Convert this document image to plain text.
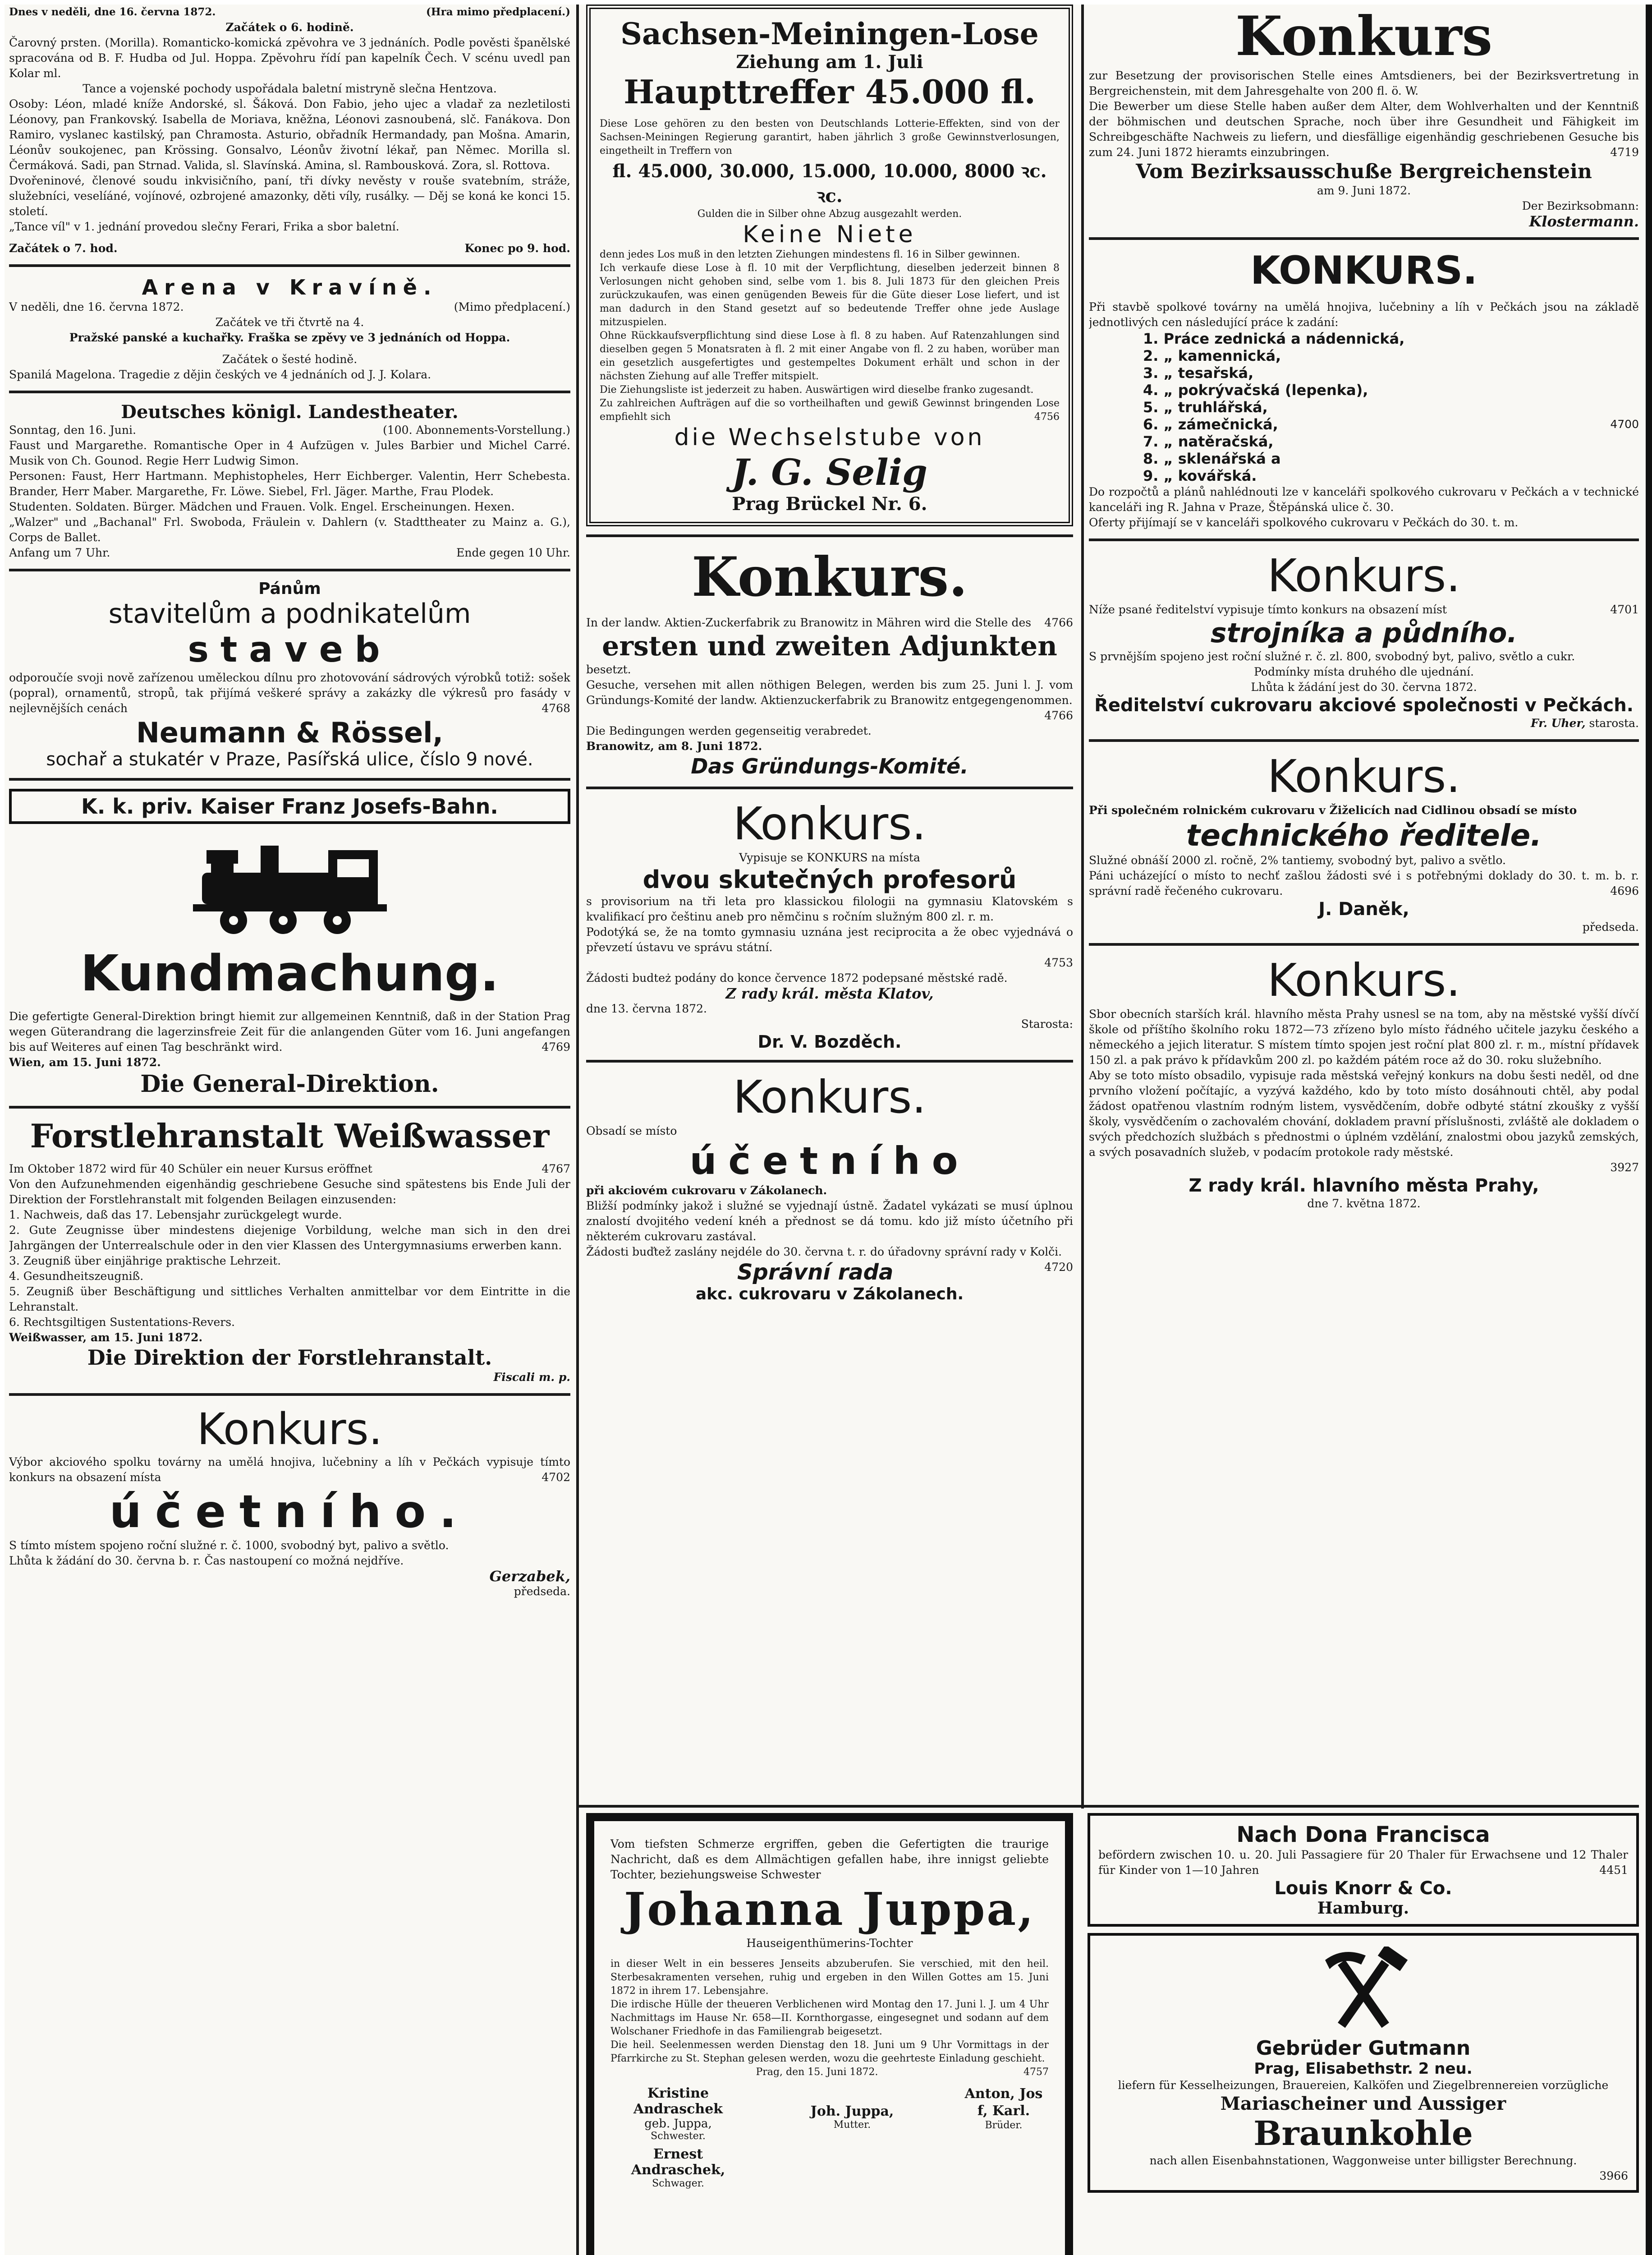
Dnes v neděli, dne 16. června 1872.	(Hra mimo předplacení.)

Začátek o 6. hodině.

Čarovný prsten. (Morilla). Romanticko-komická zpěvohra ve 3 jednáních. Podle pověsti španělské spracována od B. F. Hudba od Jul. Hoppa. Zpěvohru řídí pan kapelník Čech. V scénu uvedl pan Kolar ml.

Tance a vojenské pochody uspořádala baletní mistryně slečna Hentzova.

Osoby: Léon, mladé kníže Andorské, sl. Šáková. Don Fabio, jeho ujec a vladař za nezletilosti Léonovy, pan Frankovský. Isabella de Moriava, kněžna, Léonovi zasnoubená, slč. Fanákova. Don Ramiro, vyslanec kastilský, pan Chramosta. Asturio, obřadník Hermandady, pan Mošna. Amarin, Léonův soukojenec, pan Krössing. Gonsalvo, Léonův životní lékař, pan Němec. Morilla sl. Čermáková. Sadi, pan Strnad. Valida, sl. Slavínská. Amina, sl. Rambousková. Zora, sl. Rottova.

Dvořeninové, členové soudu inkvisičního, paní, tři dívky nevěsty v rouše svatebním, stráže, služebníci, veselíáné, vojínové, ozbrojené amazonky, děti víly, rusálky. — Děj se koná ke konci 15. století.

„Tance víl" v 1. jednání provedou slečny Ferari, Frika a sbor baletní.

Začátek o 7. hod.	Konec po 9. hod.

Arena v Kravíně.

V neděli, dne 16. června 1872.	(Mimo předplacení.)

Začátek ve tři čtvrtě na 4.

Pražské panské a kuchařky. Fraška se zpěvy ve 3 jednáních od Hoppa.

Začátek o šesté hodině.

Spanilá Magelona. Tragedie z dějin českých ve 4 jednáních od J. J. Kolara.

Deutsches königl. Landestheater.

Sonntag, den 16. Juni.	(100. Abonnements-Vorstellung.)

Faust und Margarethe. Romantische Oper in 4 Aufzügen v. Jules Barbier und Michel Carré. Musik von Ch. Gounod. Regie Herr Ludwig Simon.

Personen: Faust, Herr Hartmann. Mephistopheles, Herr Eichberger. Valentin, Herr Schebesta. Brander, Herr Maber. Margarethe, Fr. Löwe. Siebel, Frl. Jäger. Marthe, Frau Plodek.

Studenten. Soldaten. Bürger. Mädchen und Frauen. Volk. Engel. Erscheinungen. Hexen.

„Walzer" und „Bachanal" Frl. Swoboda, Fräulein v. Dahlern (v. Stadttheater zu Mainz a. G.), Corps de Ballet.

Anfang um 7 Uhr.	Ende gegen 10 Uhr.

Pánům

stavitelům a podnikatelům

staveb

odporoučíe svoji nově zařízenou uměleckou dílnu pro zhotovování sádrových výrobků totiž: sošek (popral), ornamentů, stropů, tak přijímá veškeré správy a zakázky dle výkresů pro fasády v nejlevnějších cenách	4768

Neumann & Rössel,

sochař a stukatér v Praze, Pasířská ulice, číslo 9 nové.

K. k. priv. Kaiser Franz Josefs-Bahn.

Kundmachung.

Die gefertigte General-Direktion bringt hiemit zur allgemeinen Kenntniß, daß in der Station Prag wegen Güterandrang die lagerzinsfreie Zeit für die anlangenden Güter vom 16. Juni angefangen bis auf Weiteres auf einen Tag beschränkt wird.	4769

Wien, am 15. Juni 1872.

Die General-Direktion.

Forstlehranstalt Weißwasser

Im Oktober 1872 wird für 40 Schüler ein neuer Kursus eröffnet	4767

Von den Aufzunehmenden eigenhändig geschriebene Gesuche sind spätestens bis Ende Juli der Direktion der Forstlehranstalt mit folgenden Beilagen einzusenden:

1. Nachweis, daß das 17. Lebensjahr zurückgelegt wurde.

2. Gute Zeugnisse über mindestens diejenige Vorbildung, welche man sich in den drei Jahrgängen der Unterrealschule oder in den vier Klassen des Untergymnasiums erwerben kann.

3. Zeugniß über einjährige praktische Lehrzeit.

4. Gesundheitszeugniß.

5. Zeugniß über Beschäftigung und sittliches Verhalten anmittelbar vor dem Eintritte in die Lehranstalt.

6. Rechtsgiltigen Sustentations-Revers.

Weißwasser, am 15. Juni 1872.

Die Direktion der Forstlehranstalt.

Fiscali m. p.

Konkurs.

Výbor akciového spolku továrny na umělá hnojiva, lučebniny a líh v Pečkách vypisuje tímto konkurs na obsazení místa	4702

účetního.

S tímto místem spojeno roční služné r. č. 1000, svobodný byt, palivo a světlo.

Lhůta k žádání do 30. června b. r. Čas nastoupení co možná nejdříve.

Gerzabek,

předseda.

Sachsen-Meiningen-Lose

Ziehung am 1. Juli

Haupttreffer 45.000 fl.

Diese Lose gehören zu den besten von Deutschlands Lotterie-Effekten, sind von der Sachsen-Meiningen Regierung garantirt, haben jährlich 3 große Gewinnstverlosungen, eingetheilt in Treffern von

fl. 45.000, 30.000, 15.000, 10.000, 8000 ꝛc. ꝛc.

Gulden die in Silber ohne Abzug ausgezahlt werden.

Keine Niete

denn jedes Los muß in den letzten Ziehungen mindestens fl. 16 in Silber gewinnen.

Ich verkaufe diese Lose à fl. 10 mit der Verpflichtung, dieselben jederzeit binnen 8 Verlosungen nicht gehoben sind, selbe vom 1. bis 8. Juli 1873 für den gleichen Preis zurückzukaufen, was einen genügenden Beweis für die Güte dieser Lose liefert, und ist man dadurch in den Stand gesetzt auf so bedeutende Treffer ohne jede Auslage mitzuspielen.

Ohne Rückkaufsverpflichtung sind diese Lose à fl. 8 zu haben. Auf Ratenzahlungen sind dieselben gegen 5 Monatsraten à fl. 2 mit einer Angabe von fl. 2 zu haben, worüber man ein gesetzlich ausgefertigtes und gestempeltes Dokument erhält und schon in der nächsten Ziehung auf alle Treffer mitspielt.

Die Ziehungsliste ist jederzeit zu haben. Auswärtigen wird dieselbe franko zugesandt.

Zu zahlreichen Aufträgen auf die so vortheilhaften und gewiß Gewinnst bringenden Lose empfiehlt sich	4756

die Wechselstube von

J. G. Selig

Prag Brückel Nr. 6.

Konkurs.

In der landw. Aktien-Zuckerfabrik zu Branowitz in Mähren wird die Stelle des 4766

ersten und zweiten Adjunkten

besetzt.

Gesuche, versehen mit allen nöthigen Belegen, werden bis zum 25. Juni l. J. vom Gründungs-Komité der landw. Aktienzuckerfabrik zu Branowitz entgegengenommen.

4766

Die Bedingungen werden gegenseitig verabredet.

Branowitz, am 8. Juni 1872.

Das Gründungs-Komité.

Konkurs.

Vypisuje se KONKURS na místa

dvou skutečných profesorů

s provisorium na tři leta pro klassickou filologii na gymnasiu Klatovském s kvalifikací pro češtinu aneb pro němčinu s ročním služným 800 zl. r. m.

Podotýká se, že na tomto gymnasiu uznána jest reciprocita a že obec vyjednává o převzetí ústavu ve správu státní.

4753

Žádosti budteż podány do konce července 1872 podepsané městské radě.

Z rady král. města Klatov,

dne 13. června 1872.

Starosta:

Dr. V. Bozděch.

Konkurs.

Obsadí se místo

účetního

při akciovém cukrovaru v Zákolanech.

Bližší podmínky jakož i služné se vyjednají ústně. Žadatel vykázati se musí úplnou znalostí dvojitého vedení knéh a přednost se dá tomu. kdo již místo účetního při některém cukrovaru zastával.

Žádosti buďtež zaslány nejdéle do 30. června t. r. do úřadovny správní rady v Kolči.
4720

Správní rada

akc. cukrovaru v Zákolanech.

Konkurs

zur Besetzung der provisorischen Stelle eines Amtsdieners, bei der Bezirksvertretung in Bergreichenstein, mit dem Jahresgehalte von 200 fl. ö. W.

Die Bewerber um diese Stelle haben außer dem Alter, dem Wohlverhalten und der Kenntniß der böhmischen und deutschen Sprache, noch über ihre Gesundheit und Fähigkeit im Schreibgeschäfte Nachweis zu liefern, und diesfällige eigenhändig geschriebenen Gesuche bis zum 24. Juni 1872 hieramts einzubringen.	4719

Vom Bezirksausschuße Bergreichenstein

am 9. Juni 1872.

Der Bezirksobmann:

Klostermann.

KONKURS.

Při stavbě spolkové továrny na umělá hnojiva, lučebniny a líh v Pečkách jsou na základě jednotlivých cen následující práce k zadání:

1. Práce zednická a nádennická,
2. „ kamennická,
3. „ tesařská,
4. „ pokrývačská (lepenka),
5. „ truhlářská,
6. „ zámečnická,	4700
7. „ natěračská,
8. „ sklenářská a
9. „ kovářská.

Do rozpočtů a plánů nahlédnouti lze v kanceláři spolkového cukrovaru v Pečkách a v technické kanceláři ing R. Jahna v Praze, Štěpánská ulice č. 30.

Oferty přijímají se v kanceláři spolkového cukrovaru v Pečkách do 30. t. m.

Konkurs.

Níže psané ředitelství vypisuje tímto konkurs na obsazení míst	4701

strojníka a půdního.

S prvnějším spojeno jest roční služné r. č. zl. 800, svobodný byt, palivo, světlo a cukr.

Podmínky místa druhého dle ujednání.

Lhůta k žádání jest do 30. června 1872.

Ředitelství cukrovaru akciové společnosti v Pečkách.

Fr. Uher, starosta.

Konkurs.

Při společném rolnickém cukrovaru v Žiželicích nad Cidlinou obsadí se místo

technického ředitele.

Služné obnáší 2000 zl. ročně, 2% tantiemy, svobodný byt, palivo a světlo.

Páni ucházející o místo to nechť zašlou žádosti své i s potřebnými doklady do 30. t. m. b. r. správní radě řečeného cukrovaru.	4696

J. Daněk,

předseda.

Konkurs.

Sbor obecních starších král. hlavního města Prahy usnesl se na tom, aby na městské vyšší dívčí škole od příštího školního roku 1872—73 zřízeno bylo místo řádného učitele jazyku českého a německého a jejich literatur. S místem tímto spojen jest roční plat 800 zl. r. m., místní přídavek 150 zl. a pak právo k přídavkům 200 zl. po každém pátém roce až do 30. roku služebního.

Aby se toto místo obsadilo, vypisuje rada městská veřejný konkurs na dobu šesti neděl, od dne prvního vložení počítajíc, a vyzývá každého, kdo by toto místo dosáhnouti chtěl, aby podal žádost opatřenou vlastním rodným listem, vysvědčením, dobře odbyté státní zkoušky z vyšší školy, vysvědčením o zachovalém chování, dokladem pravní příslušnosti, zvláště ale dokladem o svých předchozích službách s přednostmi o úplném vzdělání, znalostmi obou jazyků zemských, a svých posavadních služeb, v podacím protokole rady městské.

3927

Z rady král. hlavního města Prahy,

dne 7. května 1872.

Vom tiefsten Schmerze ergriffen, geben die Gefertigten die traurige Nachricht, daß es dem Allmächtigen gefallen habe, ihre innigst geliebte Tochter, beziehungsweise Schwester

Johanna Juppa,

Hauseigenthümerins-Tochter

in dieser Welt in ein besseres Jenseits abzuberufen. Sie verschied, mit den heil. Sterbesakramenten versehen, ruhig und ergeben in den Willen Gottes am 15. Juni 1872 in ihrem 17. Lebensjahre.

Die irdische Hülle der theueren Verblichenen wird Montag den 17. Juni l. J. um 4 Uhr Nachmittags im Hause Nr. 658—II. Kornthorgasse, eingesegnet und sodann auf dem Wolschaner Friedhofe in das Familiengrab beigesetzt.

Die heil. Seelenmessen werden Dienstag den 18. Juni um 9 Uhr Vormittags in der Pfarrkirche zu St. Stephan gelesen werden, wozu die geehrteste Einladung geschieht.

Prag, den 15. Juni 1872.	4757

Kristine Andraschek

geb. Juppa,

Schwester.

Ernest Andraschek,

Schwager.

Joh. Juppa,

Mutter.

Anton, Jos f, Karl.

Brüder.

Nach Dona Francisca

befördern zwischen 10. u. 20. Juli Passagiere für 20 Thaler für Erwachsene und 12 Thaler für Kinder von 1—10 Jahren	4451

Louis Knorr & Co.

Hamburg.

Gebrüder Gutmann

Prag, Elisabethstr. 2 neu.

liefern für Kesselheizungen, Brauereien, Kalköfen und Ziegelbrennereien vorzügliche

Mariascheiner und Aussiger

Braunkohle

nach allen Eisenbahnstationen, Waggonweise unter billigster Berechnung.

3966
